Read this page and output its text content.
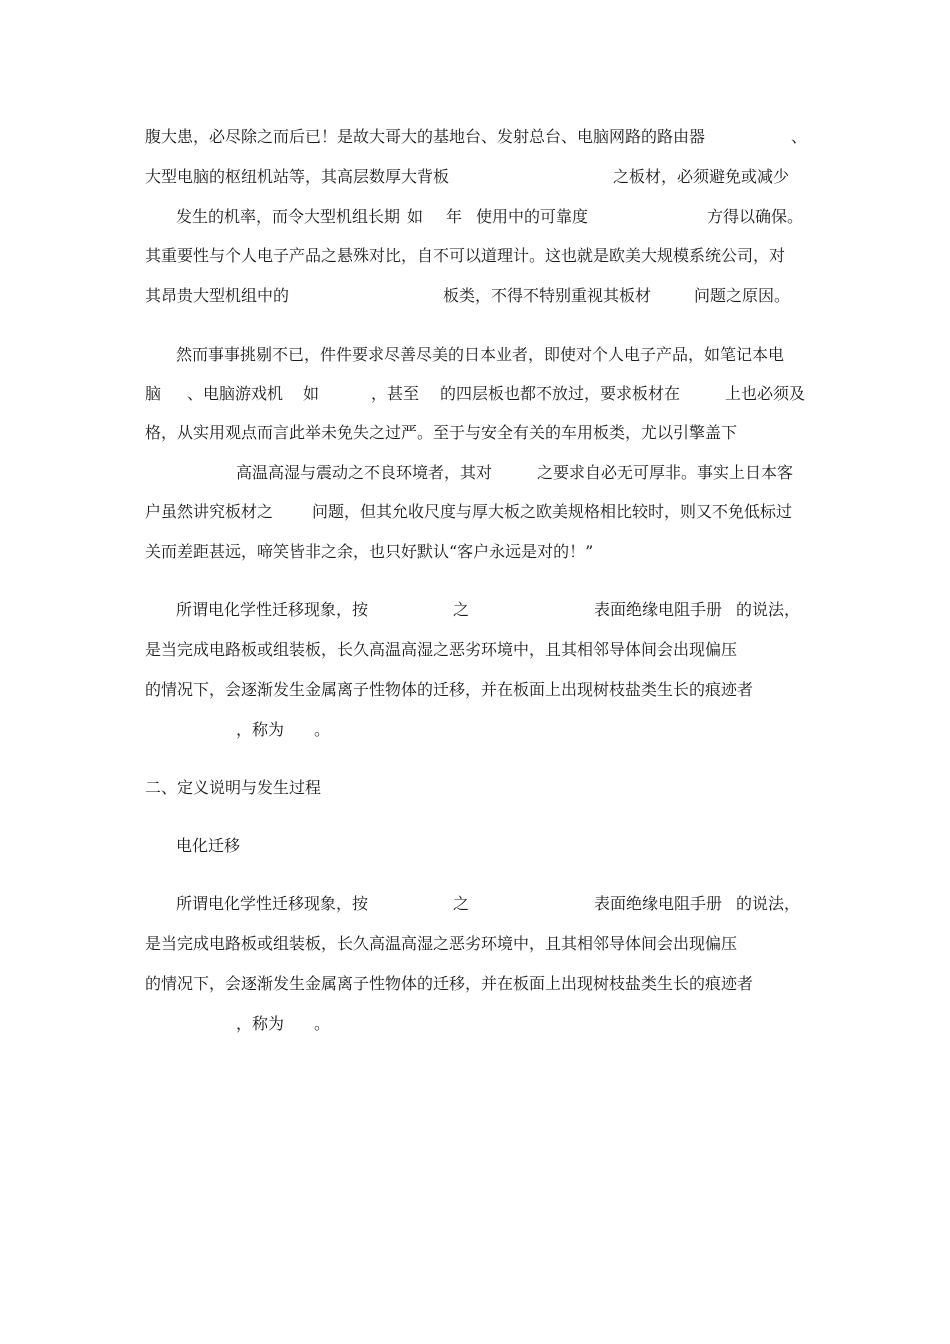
腹大患，必尽除之而后已！是故大哥大的基地台、发射总台、电脑网路的路由器	、
大型电脑的枢纽机站等，其高层数厚大背板	之板材，必须避免或减少
发生的机率，而令大型机组长期 如 年 使用中的可靠度	方得以确保。
其重要性与个人电子产品之悬殊对比，自不可以道理计。这也就是欧美大规模系统公司，对
其昂贵大型机组中的	板类，不得不特别重视其板材	问题之原因。
然而事事挑剔不已，件件要求尽善尽美的日本业者，即使对个人电子产品，如笔记本电
脑 、电脑游戏机 如	，甚至 的四层板也都不放过，要求板材在	上也必须及
格，从实用观点而言此举未免失之过严。至于与安全有关的车用板类，尤以引擎盖下
高温高湿与震动之不良环境者，其对	之要求自必无可厚非。事实上日本客
户虽然讲究板材之 问题，但其允收尺度与厚大板之欧美规格相比较时，则又不免低标过
关而差距甚远，啼笑皆非之余，也只好默认“客户永远是对的！”
所谓电化学性迁移现象，按	之	表面绝缘电阻手册 的说法，
是当完成电路板或组装板，长久高温高湿之恶劣环境中，且其相邻导体间会出现偏压
的情况下，会逐渐发生金属离子性物体的迁移，并在板面上出现树枝盐类生长的痕迹者
，称为 。
二、定义说明与发生过程
电化迁移
所谓电化学性迁移现象，按	之	表面绝缘电阻手册 的说法，
是当完成电路板或组装板，长久高温高湿之恶劣环境中，且其相邻导体间会出现偏压
的情况下，会逐渐发生金属离子性物体的迁移，并在板面上出现树枝盐类生长的痕迹者
，称为 。
